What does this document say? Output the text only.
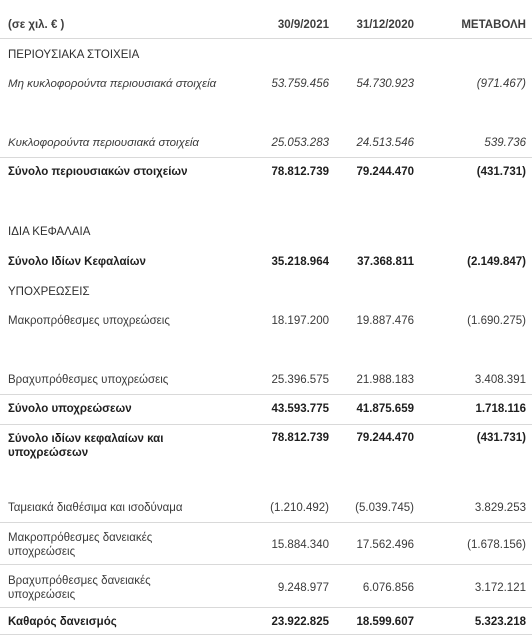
(σε χιλ. € )	30/9/2021 31/12/2020	ΜΕΤΑΒΟΛΗ
ΠΕΡΙΟΥΣΙΑΚΑ ΣΤΟΙΧΕΙΑ
Μη κυκλοφορούντα περιουσιακά στοιχεία	53.759.456 54.730.923	(971.467)
Κυκλοφορούντα περιουσιακά στοιχεία	25.053.283 24.513.546	539.736
Σύνολο περιουσιακών στοιχείων	78.812.739 79.244.470	(431.731)
ΙΔΙΑ ΚΕΦΑΛΑΙΑ
Σύνολο Ιδίων Κεφαλαίων	35.218.964 37.368.811	(2.149.847)
ΥΠΟΧΡΕΩΣΕΙΣ
Μακροπρόθεσμες υποχρεώσεις	18.197.200 19.887.476	(1.690.275)
Βραχυπρόθεσμες υποχρεώσεις	25.396.575 21.988.183	3.408.391
Σύνολο υποχρεώσεων	43.593.775 41.875.659	1.718.116
Σύνολο ιδίων κεφαλαίων και
υποχρεώσεων
78.812.739 79.244.470	(431.731)
Ταμειακά διαθέσιμα και ισοδύναμα	(1.210.492) (5.039.745)	3.829.253
Μακροπρόθεσμες δανειακές
υποχρεώσεις
15.884.340 17.562.496	(1.678.156)
Βραχυπρόθεσμες δανειακές
υποχρεώσεις
9.248.977	6.076.856	3.172.121
Καθαρός δανεισμός	23.922.825 18.599.607	5.323.218
